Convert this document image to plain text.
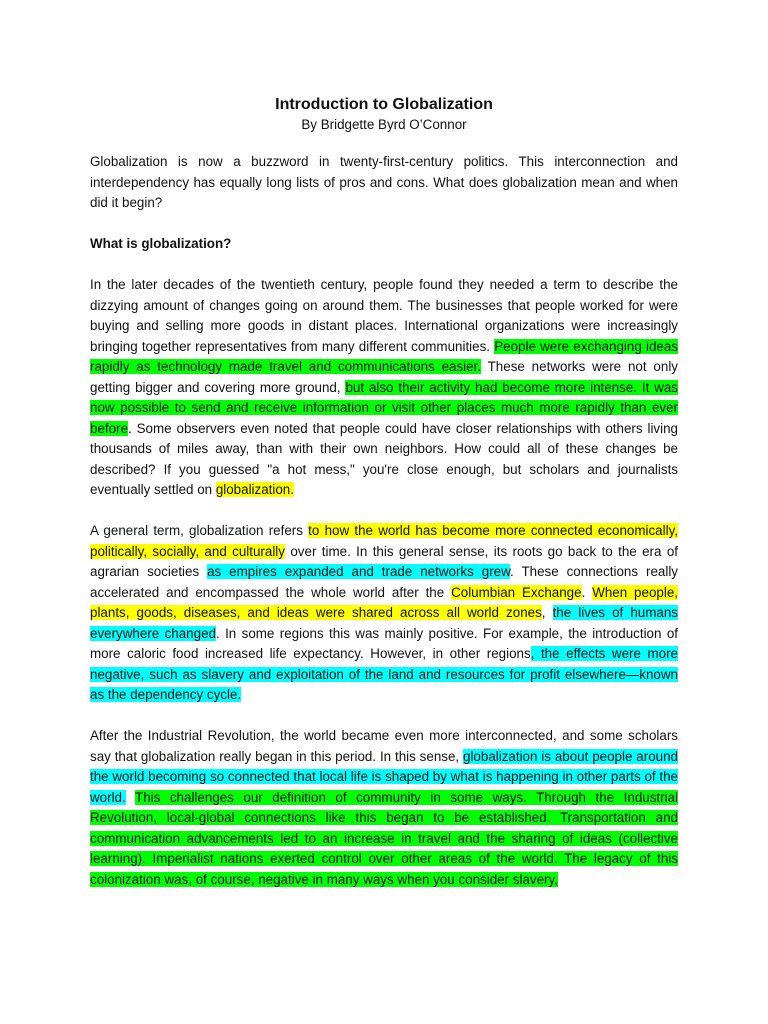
Introduction to Globalization
By Bridgette Byrd O’Connor

Globalization is now a buzzword in twenty-first-century politics. This interconnection and interdependency has equally long lists of pros and cons. What does globalization mean and when did it begin?

What is globalization?

In the later decades of the twentieth century, people found they needed a term to describe the dizzying amount of changes going on around them. The businesses that people worked for were buying and selling more goods in distant places. International organizations were increasingly bringing together representatives from many different communities. People were exchanging ideas rapidly as technology made travel and communications easier. These networks were not only getting bigger and covering more ground, but also their activity had become more intense. It was now possible to send and receive information or visit other places much more rapidly than ever before. Some observers even noted that people could have closer relationships with others living thousands of miles away, than with their own neighbors. How could all of these changes be described? If you guessed "a hot mess," you're close enough, but scholars and journalists eventually settled on globalization.

A general term, globalization refers to how the world has become more connected economically, politically, socially, and culturally over time. In this general sense, its roots go back to the era of agrarian societies as empires expanded and trade networks grew. These connections really accelerated and encompassed the whole world after the Columbian Exchange. When people, plants, goods, diseases, and ideas were shared across all world zones, the lives of humans everywhere changed. In some regions this was mainly positive. For example, the introduction of more caloric food increased life expectancy. However, in other regions, the effects were more negative, such as slavery and exploitation of the land and resources for profit elsewhere—known as the dependency cycle.

After the Industrial Revolution, the world became even more interconnected, and some scholars say that globalization really began in this period. In this sense, globalization is about people around the world becoming so connected that local life is shaped by what is happening in other parts of the world. This challenges our definition of community in some ways. Through the Industrial Revolution, local-global connections like this began to be established. Transportation and communication advancements led to an increase in travel and the sharing of ideas (collective learning). Imperialist nations exerted control over other areas of the world. The legacy of this colonization was, of course, negative in many ways when you consider slavery,
